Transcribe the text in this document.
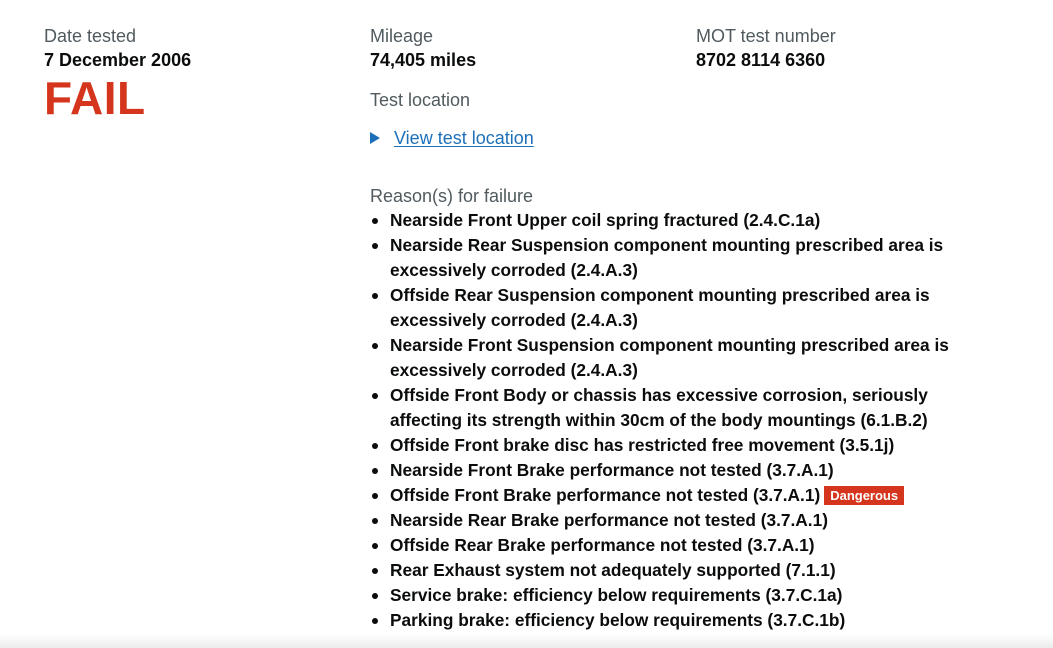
Date tested

7 December 2006

FAIL

Mileage

74,405 miles

Test location

View test location

Reason(s) for failure

Nearside Front Upper coil spring fractured (2.4.C.1a)
Nearside Rear Suspension component mounting prescribed area is excessively corroded (2.4.A.3)
Offside Rear Suspension component mounting prescribed area is excessively corroded (2.4.A.3)
Nearside Front Suspension component mounting prescribed area is excessively corroded (2.4.A.3)
Offside Front Body or chassis has excessive corrosion, seriously affecting its strength within 30cm of the body mountings (6.1.B.2)
Offside Front brake disc has restricted free movement (3.5.1j)
Nearside Front Brake performance not tested (3.7.A.1)
Offside Front Brake performance not tested (3.7.A.1) Dangerous
Nearside Rear Brake performance not tested (3.7.A.1)
Offside Rear Brake performance not tested (3.7.A.1)
Rear Exhaust system not adequately supported (7.1.1)
Service brake: efficiency below requirements (3.7.C.1a)
Parking brake: efficiency below requirements (3.7.C.1b)

MOT test number

8702 8114 6360
